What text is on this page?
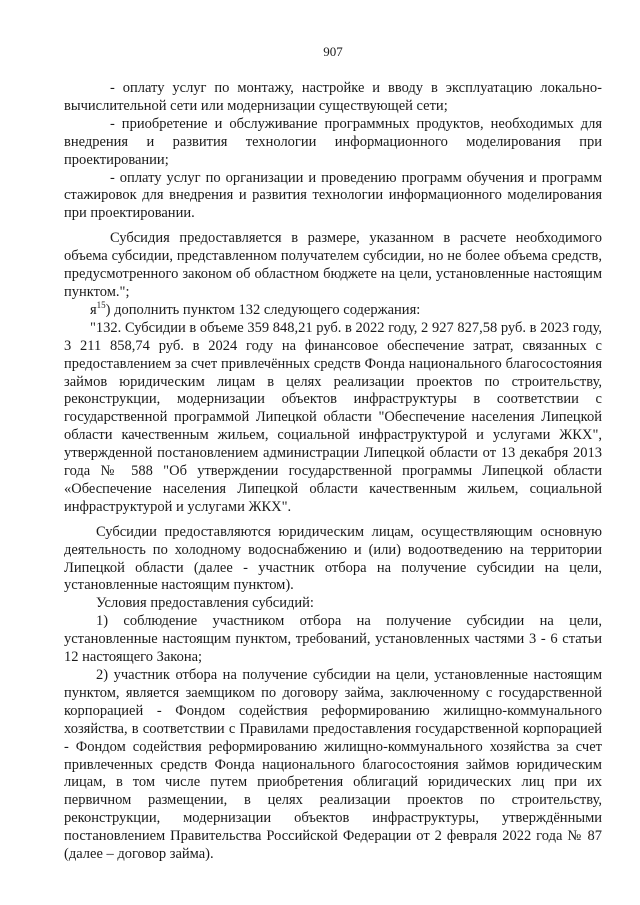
907

- оплату услуг по монтажу, настройке и вводу в эксплуатацию локально-вычислительной сети или модернизации существующей сети;

- приобретение и обслуживание программных продуктов, необходимых для внедрения и развития технологии информационного моделирования при проектировании;

- оплату услуг по организации и проведению программ обучения и программ стажировок для внедрения и развития технологии информационного моделирования при проектировании.

Субсидия предоставляется в размере, указанном в расчете необходимого объема субсидии, представленном получателем субсидии, но не более объема средств, предусмотренного законом об областном бюджете на цели, установленные настоящим пунктом.";

$я^{15}$) дополнить пунктом 132 следующего содержания:

"132. Субсидии в объеме 359 848,21 руб. в 2022 году, 2 927 827,58 руб. в 2023 году, 3 211 858,74 руб. в 2024 году на финансовое обеспечение затрат, связанных с предоставлением за счет привлечённых средств Фонда национального благосостояния займов юридическим лицам в целях реализации проектов по строительству, реконструкции, модернизации объектов инфраструктуры в соответствии с государственной программой Липецкой области "Обеспечение населения Липецкой области качественным жильем, социальной инфраструктурой и услугами ЖКХ", утвержденной постановлением администрации Липецкой области от 13 декабря 2013 года № 588 "Об утверждении государственной программы Липецкой области «Обеспечение населения Липецкой области качественным жильем, социальной инфраструктурой и услугами ЖКХ".

Субсидии предоставляются юридическим лицам, осуществляющим основную деятельность по холодному водоснабжению и (или) водоотведению на территории Липецкой области (далее - участник отбора на получение субсидии на цели, установленные настоящим пунктом).

Условия предоставления субсидий:

1) соблюдение участником отбора на получение субсидии на цели, установленные настоящим пунктом, требований, установленных частями 3 - 6 статьи 12 настоящего Закона;

2) участник отбора на получение субсидии на цели, установленные настоящим пунктом, является заемщиком по договору займа, заключенному с государственной корпорацией - Фондом содействия реформированию жилищно-коммунального хозяйства, в соответствии с Правилами предоставления государственной корпорацией - Фондом содействия реформированию жилищно-коммунального хозяйства за счет привлеченных средств Фонда национального благосостояния займов юридическим лицам, в том числе путем приобретения облигаций юридических лиц при их первичном размещении, в целях реализации проектов по строительству, реконструкции, модернизации объектов инфраструктуры, утверждёнными постановлением Правительства Российской Федерации от 2 февраля 2022 года № 87 (далее – договор займа).
